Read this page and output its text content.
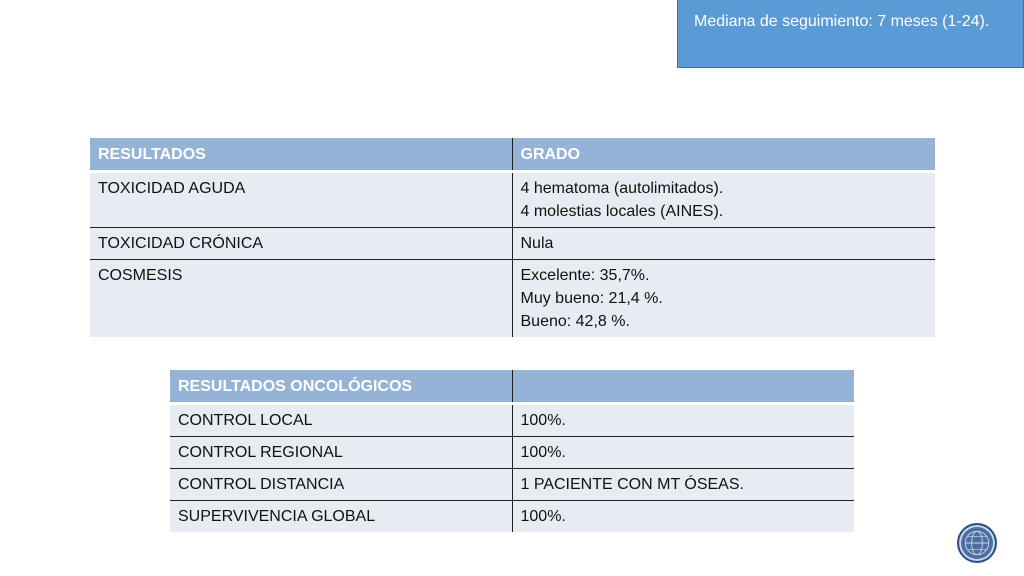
Mediana de seguimiento: 7 meses (1-24).
RESULTADOS	GRADO
TOXICIDAD AGUDA	4 hematoma (autolimitados).
4 molestias locales (AINES).

TOXICIDAD CRÓNICA	Nula

COSMESIS	Excelente: 35,7%.
Muy bueno: 21,4 %.
Bueno: 42,8 %.
RESULTADOS ONCOLÓGICOS	
CONTROL LOCAL	100%.
CONTROL REGIONAL	100%.
CONTROL DISTANCIA	1 PACIENTE CON MT ÓSEAS.
SUPERVIVENCIA GLOBAL	100%.
